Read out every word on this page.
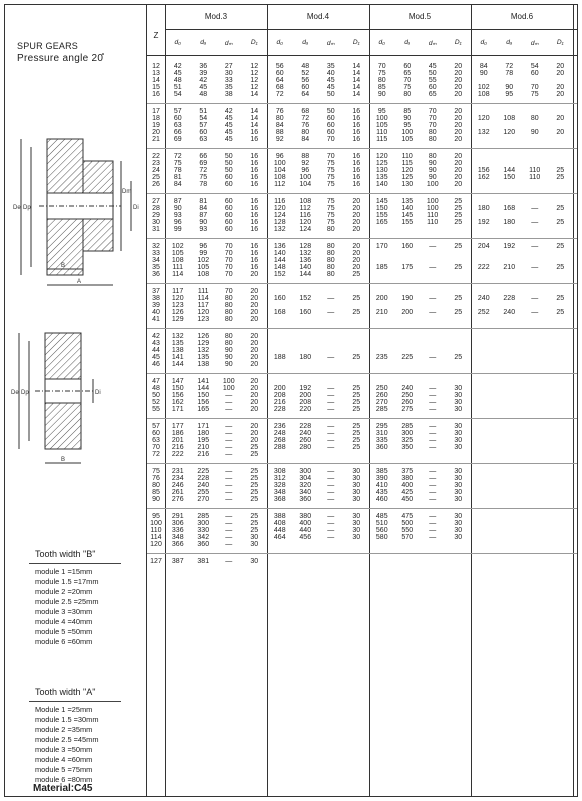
SPUR GEARS
Pressure angle 20̊
De Dp
Dm
Di
B
A
De Dp	Di
B
Tooth width "B"
module 1 =15mm
module 1.5 =17mm
module 2 =20mm
module 2.5 =25mm
module 3 =30mm
module 4 =40mm
module 5 =50mm
module 6 =60mm
Tooth width "A"
Module 1 =25mm
module 1.5 =30mm
module 2 =35mm
module 2.5 =45mm
module 3 =50mm
module 4 =60mm
module 5 =75mm
module 6 =80mm
Material:C45
Z
Mod.3
d₀	dₐ	dₘ	D₁
Mod.4
d₀	dₐ	dₘ	D₁
Mod.5
d₀	dₐ	dₘ	D₁
Mod.6
d₀	dₐ	dₘ	D₁
12	42	36	27	12	56	48	35	14	70	60	45	20	84	72	54	20
13	45	39	30	12	60	52	40	14	75	65	50	20	90	78	60	20
14	48	42	33	12	64	56	45	14	80	70	55	20
15	51	45	35	12	68	60	45	14	85	75	60	20	102	90	70	20
16	54	48	38	14	72	64	50	14	90	80	65	20	108	95	75	20
17	57	51	42	14	76	68	50	16	95	85	70	20
18	60	54	45	14	80	72	60	16	100	90	70	20	120	108	80	20
19	63	57	45	14	84	76	60	16	105	95	70	20
20	66	60	45	16	88	80	60	16	110	100	80	20	132	120	90	20
21	69	63	45	16	92	84	70	16	115	105	80	20
22	72	66	50	16	96	88	70	16	120	110	80	20
23	75	69	50	16	100	92	75	16	125	115	90	20
24	78	72	50	16	104	96	75	16	130	120	90	20	156	144	110	25
25	81	75	60	16	108	100	75	16	135	125	90	20	162	150	110	25
26	84	78	60	16	112	104	75	16	140	130	100	20
27	87	81	60	16	116	108	75	20	145	135	100	25
28	90	84	60	16	120	112	75	20	150	140	100	25	180	168	—	25
29	93	87	60	16	124	116	75	20	155	145	110	25
30	96	90	60	16	128	120	75	20	165	155	110	25	192	180	—	25
31	99	93	60	16	132	124	80	20
32	102	96	70	16	136	128	80	20	170	160	—	25	204	192	—	25
33	105	99	70	16	140	132	80	20
34	108	102	70	16	144	136	80	20
35	111	105	70	16	148	140	80	20	185	175	—	25	222	210	—	25
36	114	108	70	20	152	144	80	25
37	117	111	70	20
38	120	114	80	20	160	152	—	25	200	190	—	25	240	228	—	25
39	123	117	80	20
40	126	120	80	20	168	160	—	25	210	200	—	25	252	240	—	25
41	129	123	80	20
42	132	126	80	20
43	135	129	80	20
44	138	132	90	20
45	141	135	90	20	188	180	—	25	235	225	—	25
46	144	138	90	20
47	147	141	100	20
48	150	144	100	20	200	192	—	25	250	240	—	30
50	156	150	—	20	208	200	—	25	260	250	—	30
52	162	156	—	20	216	208	—	25	270	260	—	30
55	171	165	—	20	228	220	—	25	285	275	—	30
57	177	171	—	20	236	228	—	25	295	285	—	30
60	186	180	—	20	248	240	—	25	310	300	—	30
63	201	195	—	20	268	260	—	25	335	325	—	30
70	216	210	—	25	288	280	—	25	360	350	—	30
72	222	216	—	25
75	231	225	—	25	308	300	—	30	385	375	—	30
76	234	228	—	25	312	304	—	30	390	380	—	30
80	246	240	—	25	328	320	—	30	410	400	—	30
85	261	255	—	25	348	340	—	30	435	425	—	30
90	276	270	—	25	368	360	—	30	460	450	—	30
95	291	285	—	25	388	380	—	30	485	475	—	30
100	306	300	—	25	408	400	—	30	510	500	—	30
110	336	330	—	25	448	440	—	30	560	550	—	30
114	348	342	—	30	464	456	—	30	580	570	—	30
120	366	360	—	30
127	387	381	—	30
